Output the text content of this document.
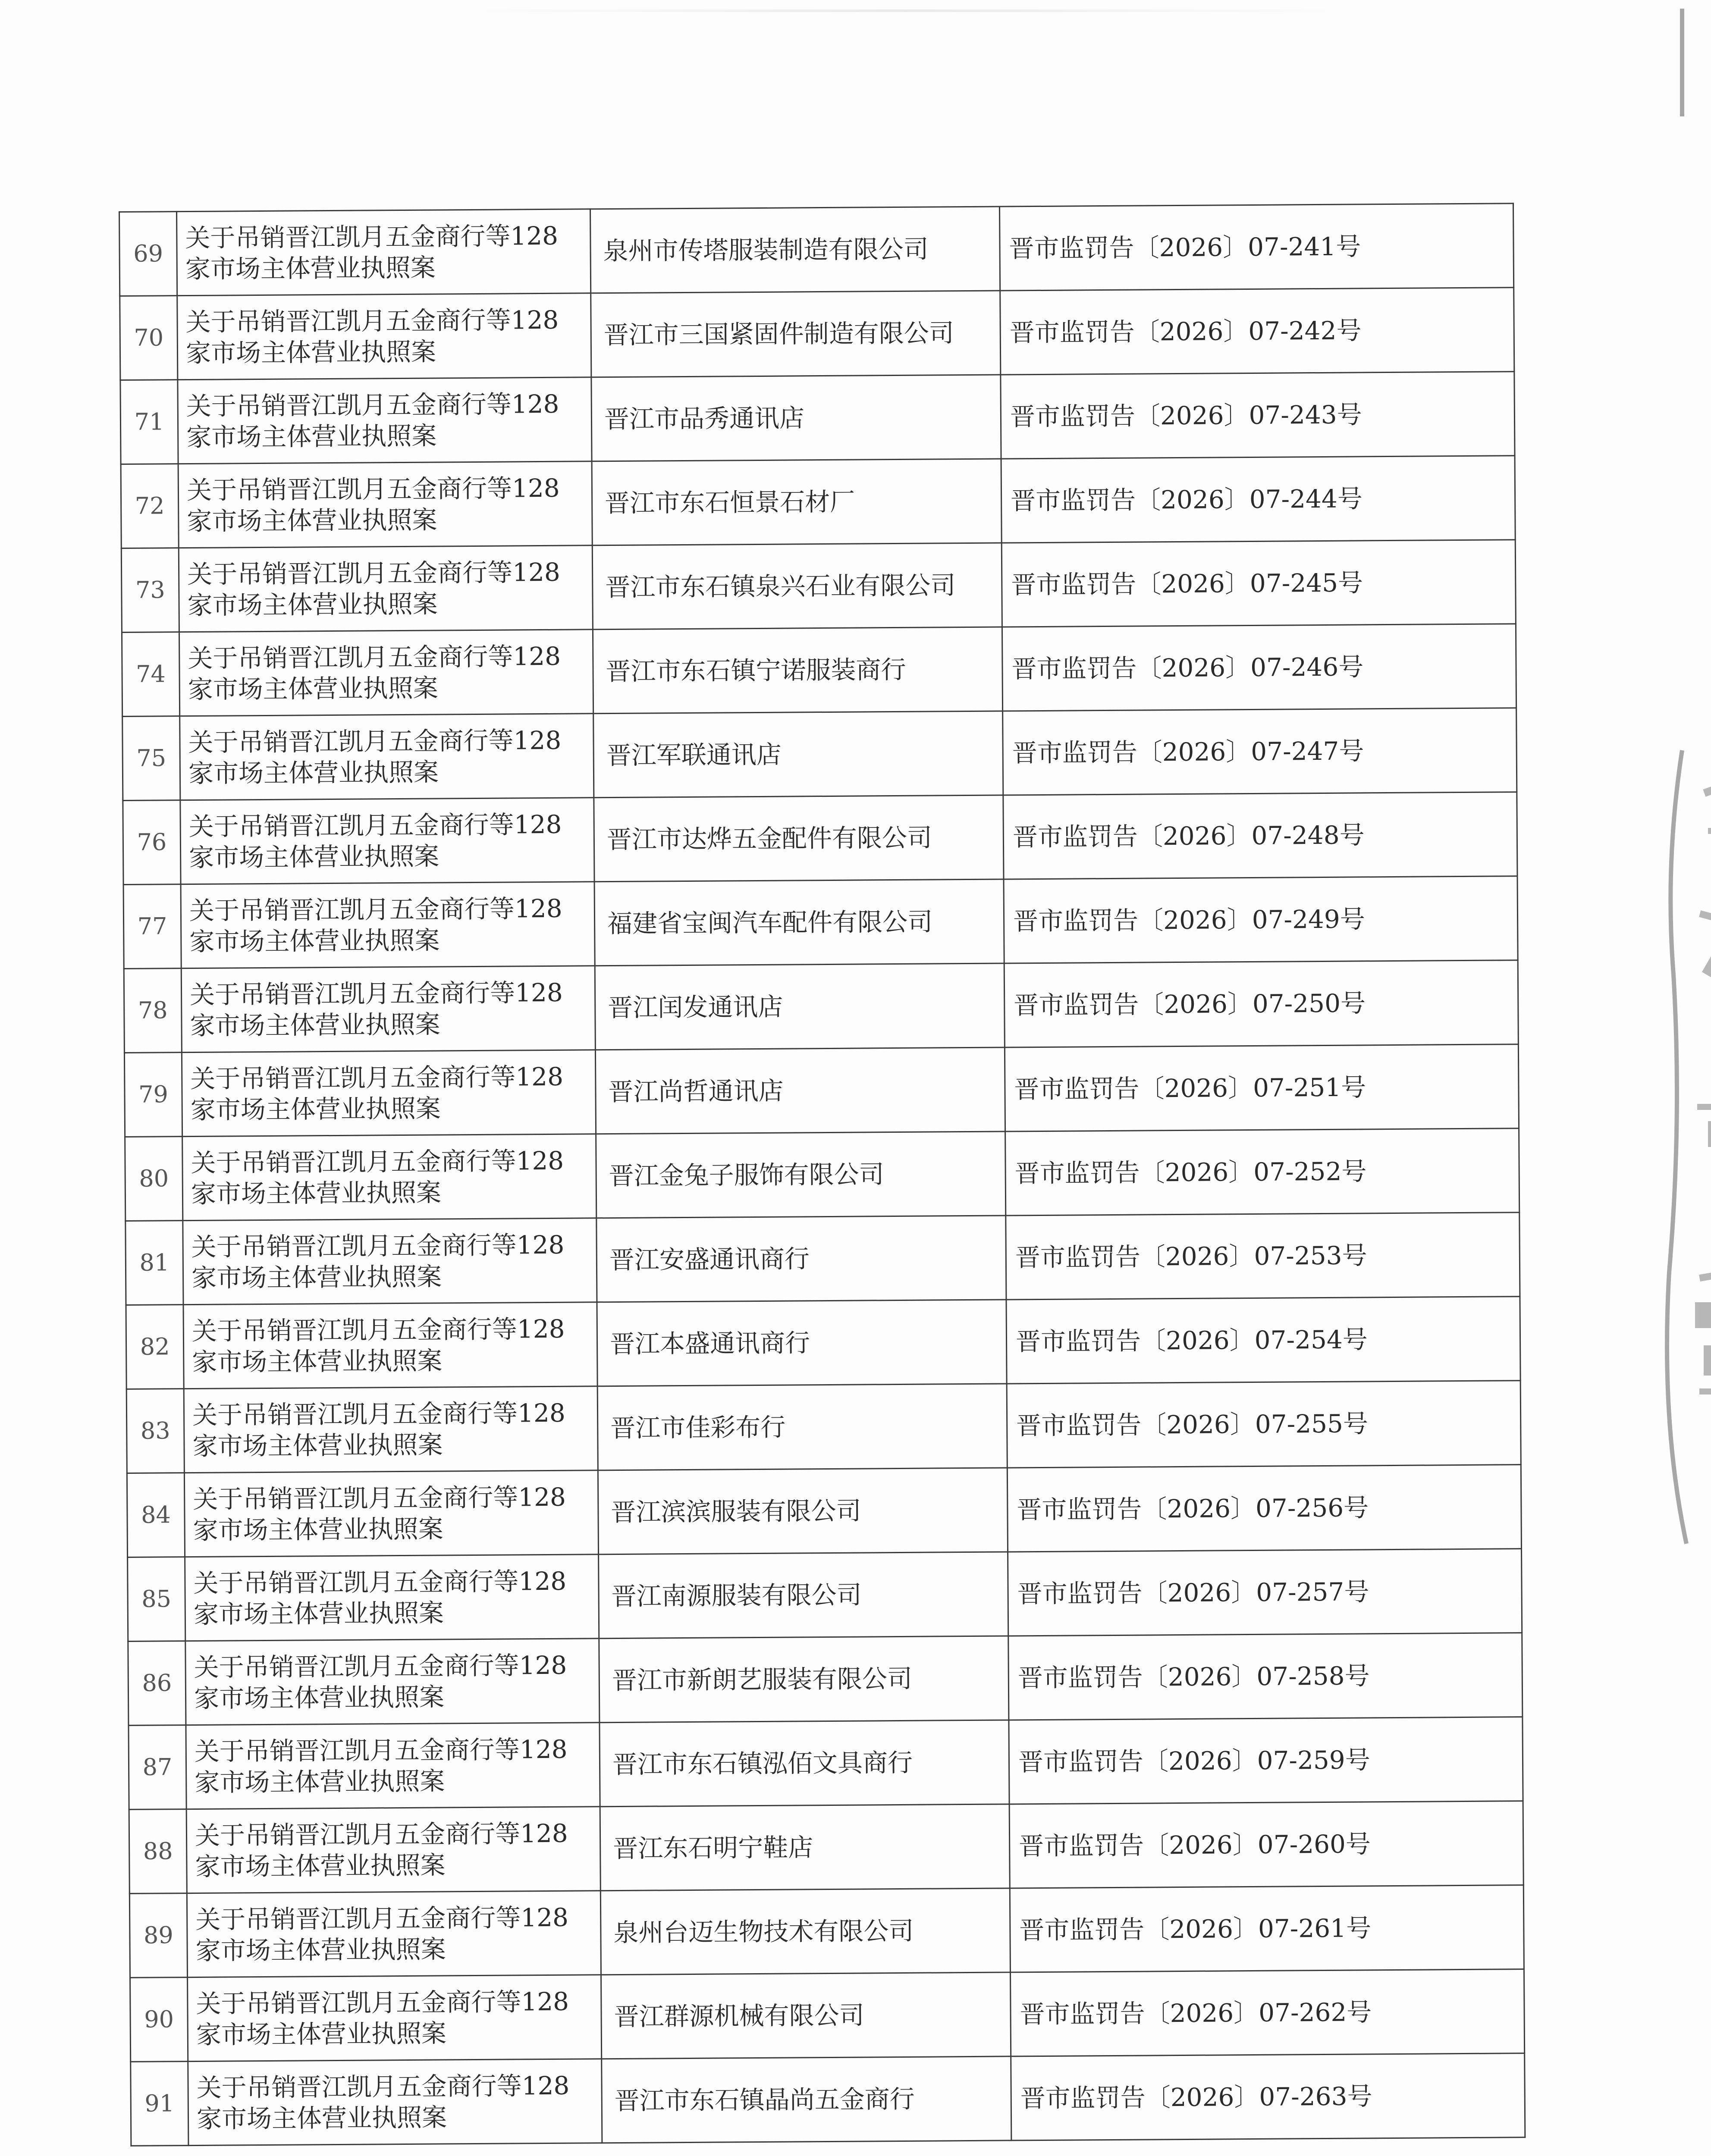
69	关于吊销晋江凯月五金商行等128
家市场主体营业执照案	泉州市传塔服装制造有限公司	晋市监罚告〔2026〕07-241号
70	关于吊销晋江凯月五金商行等128
家市场主体营业执照案	晋江市三国紧固件制造有限公司	晋市监罚告〔2026〕07-242号
71	关于吊销晋江凯月五金商行等128
家市场主体营业执照案	晋江市品秀通讯店	晋市监罚告〔2026〕07-243号
72	关于吊销晋江凯月五金商行等128
家市场主体营业执照案	晋江市东石恒景石材厂	晋市监罚告〔2026〕07-244号
73	关于吊销晋江凯月五金商行等128
家市场主体营业执照案	晋江市东石镇泉兴石业有限公司	晋市监罚告〔2026〕07-245号
74	关于吊销晋江凯月五金商行等128
家市场主体营业执照案	晋江市东石镇宁诺服装商行	晋市监罚告〔2026〕07-246号
75	关于吊销晋江凯月五金商行等128
家市场主体营业执照案	晋江军联通讯店	晋市监罚告〔2026〕07-247号
76	关于吊销晋江凯月五金商行等128
家市场主体营业执照案	晋江市达烨五金配件有限公司	晋市监罚告〔2026〕07-248号
77	关于吊销晋江凯月五金商行等128
家市场主体营业执照案	福建省宝闽汽车配件有限公司	晋市监罚告〔2026〕07-249号
78	关于吊销晋江凯月五金商行等128
家市场主体营业执照案	晋江闰发通讯店	晋市监罚告〔2026〕07-250号
79	关于吊销晋江凯月五金商行等128
家市场主体营业执照案	晋江尚哲通讯店	晋市监罚告〔2026〕07-251号
80	关于吊销晋江凯月五金商行等128
家市场主体营业执照案	晋江金兔子服饰有限公司	晋市监罚告〔2026〕07-252号
81	关于吊销晋江凯月五金商行等128
家市场主体营业执照案	晋江安盛通讯商行	晋市监罚告〔2026〕07-253号
82	关于吊销晋江凯月五金商行等128
家市场主体营业执照案	晋江本盛通讯商行	晋市监罚告〔2026〕07-254号
83	关于吊销晋江凯月五金商行等128
家市场主体营业执照案	晋江市佳彩布行	晋市监罚告〔2026〕07-255号
84	关于吊销晋江凯月五金商行等128
家市场主体营业执照案	晋江滨滨服装有限公司	晋市监罚告〔2026〕07-256号
85	关于吊销晋江凯月五金商行等128
家市场主体营业执照案	晋江南源服装有限公司	晋市监罚告〔2026〕07-257号
86	关于吊销晋江凯月五金商行等128
家市场主体营业执照案	晋江市新朗艺服装有限公司	晋市监罚告〔2026〕07-258号
87	关于吊销晋江凯月五金商行等128
家市场主体营业执照案	晋江市东石镇泓佰文具商行	晋市监罚告〔2026〕07-259号
88	关于吊销晋江凯月五金商行等128
家市场主体营业执照案	晋江东石明宁鞋店	晋市监罚告〔2026〕07-260号
89	关于吊销晋江凯月五金商行等128
家市场主体营业执照案	泉州台迈生物技术有限公司	晋市监罚告〔2026〕07-261号
90	关于吊销晋江凯月五金商行等128
家市场主体营业执照案	晋江群源机械有限公司	晋市监罚告〔2026〕07-262号
91	关于吊销晋江凯月五金商行等128
家市场主体营业执照案	晋江市东石镇晶尚五金商行	晋市监罚告〔2026〕07-263号
